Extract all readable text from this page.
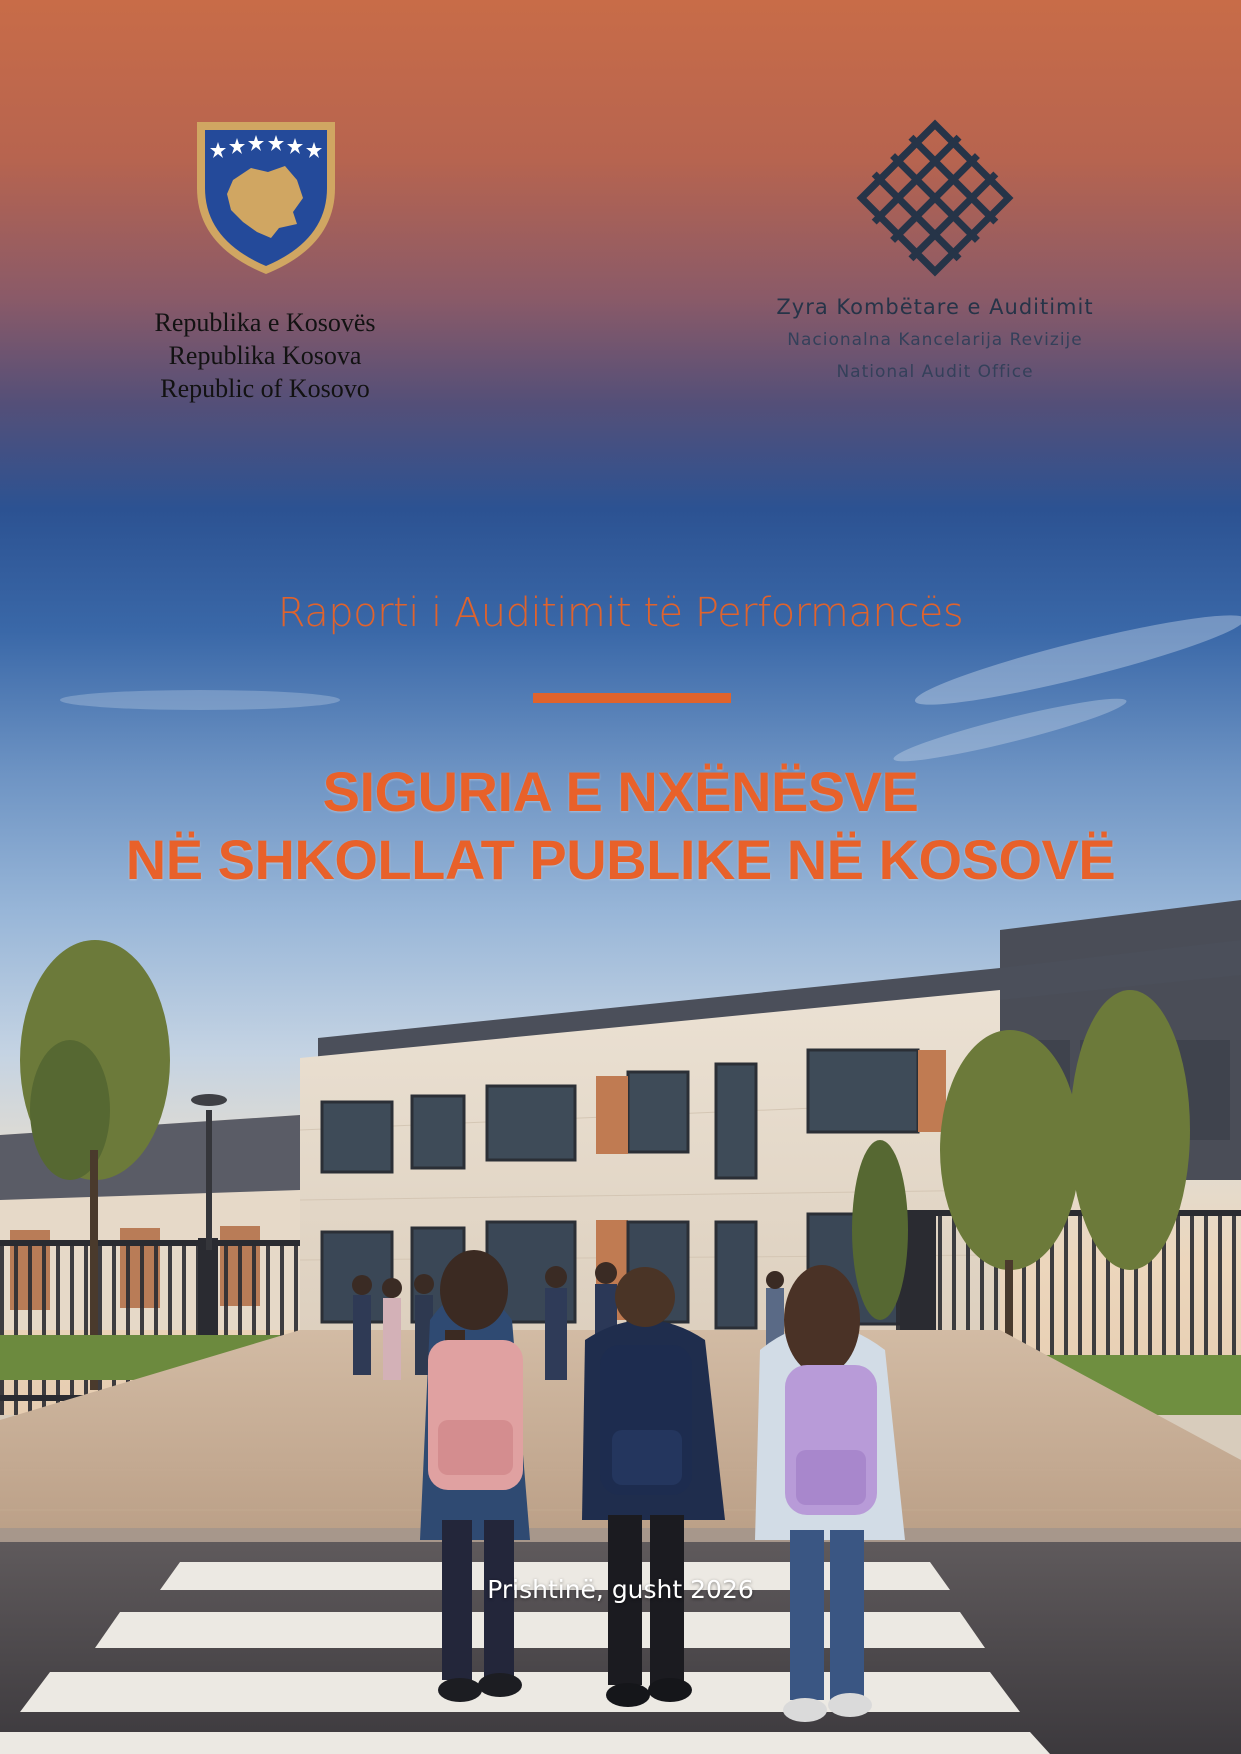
Republika e Kosovës
Republika Kosova
Republic of Kosovo
Zyra Kombëtare e Auditimit
Nacionalna Kancelarija Revizije
National Audit Office
Raporti i Auditimit të Performancës
SIGURIA E NXËNËSVE
NË SHKOLLAT PUBLIKE NË KOSOVË
Prishtinë, gusht 2026
